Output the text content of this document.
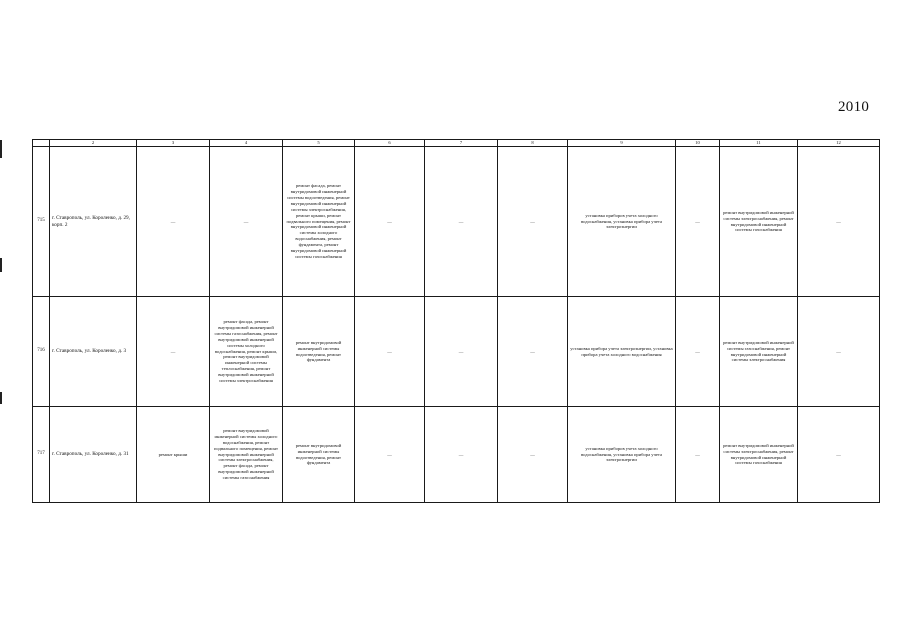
2010
	2	3	4	5	6	7	8	9	10	11	12
715	г. Ставрополь, ул. Короленко, д. 29, корп. 2	—	—	ремонт фасада, ремонт внутридомовой инженерной системы водоотведения, ремонт внутридомовой инженерной системы электроснабжения, ремонт крыши, ремонт подвального помещения, ремонт внутридомовой инженерной системы холодного водоснабжения, ремонт фундамента, ремонт внутридомовой инженерной системы газоснабжения	—	—	—	установка приборов учета холодного водоснабжения, установка прибора учета электроэнергии	—	ремонт внутридомовой инженерной системы электроснабжения, ремонт внутридомовой инженерной системы газоснабжения	—
716	г. Ставрополь, ул. Короленко, д. 3	—	ремонт фасада, ремонт внутридомовой инженерной системы газоснабжения, ремонт внутридомовой инженерной системы холодного водоснабжения, ремонт крыши, ремонт внутридомовой инженерной системы теплоснабжения, ремонт внутридомовой инженерной системы электроснабжения	ремонт внутридомовой инженерной системы водоотведения, ремонт фундамента	—	—	—	установка прибора учета электроэнергии, установка прибора учета холодного водоснабжения	—	ремонт внутридомовой инженерной системы газоснабжения, ремонт внутридомовой инженерной системы электроснабжения	—
717	г. Ставрополь, ул. Короленко, д. 31	ремонт крыши	ремонт внутридомовой инженерной системы холодного водоснабжения, ремонт подвального помещения, ремонт внутридомовой инженерной системы электроснабжения, ремонт фасада, ремонт внутридомовой инженерной системы газоснабжения	ремонт внутридомовой инженерной системы водоотведения, ремонт фундамента	—	—	—	установка приборов учета холодного водоснабжения, установка прибора учета электроэнергии	—	ремонт внутридомовой инженерной системы электроснабжения, ремонт внутридомовой инженерной системы газоснабжения	—
